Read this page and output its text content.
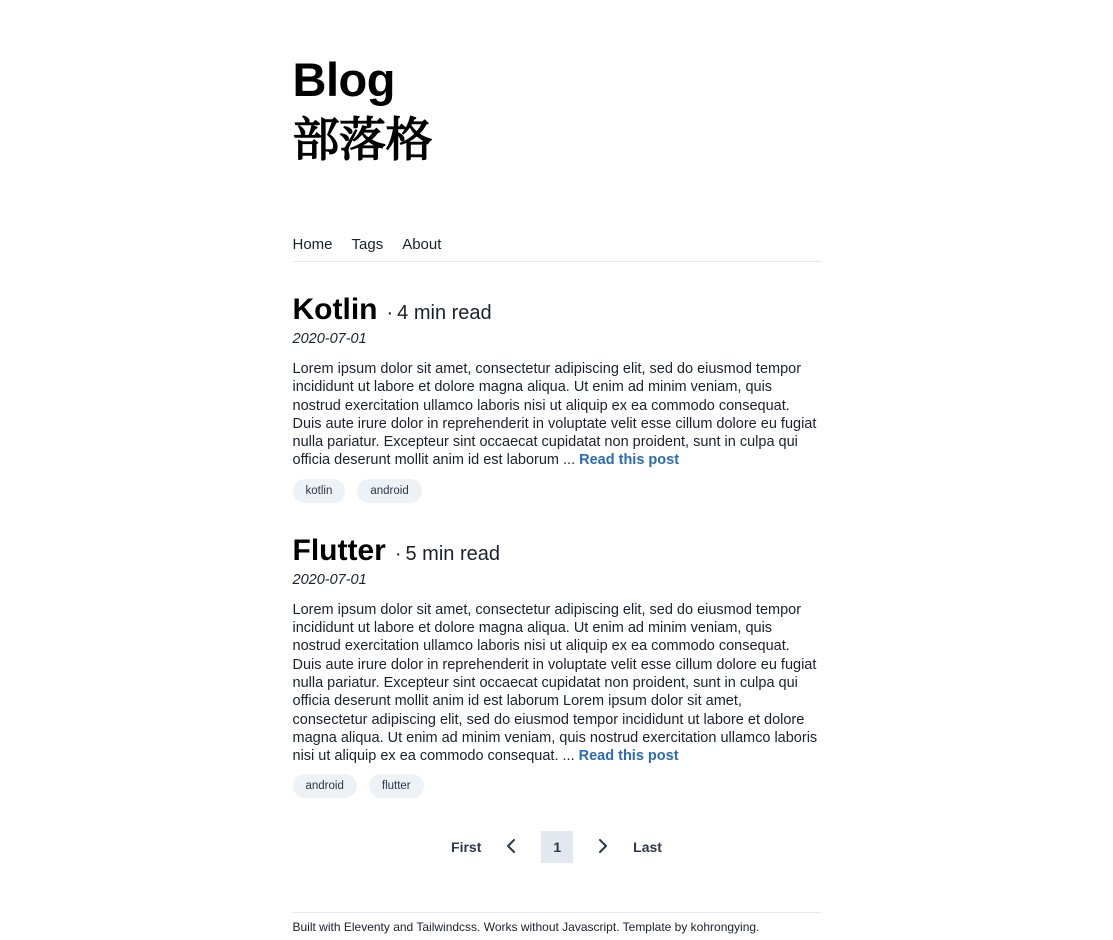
Blog
部落格
Home Tags About
Kotlin · 4 min read
2020-07-01

Lorem ipsum dolor sit amet, consectetur adipiscing elit, sed do eiusmod tempor incididunt ut labore et dolore magna aliqua. Ut enim ad minim veniam, quis nostrud exercitation ullamco laboris nisi ut aliquip ex ea commodo consequat. Duis aute irure dolor in reprehenderit in voluptate velit esse cillum dolore eu fugiat nulla pariatur. Excepteur sint occaecat cupidatat non proident, sunt in culpa qui officia deserunt mollit anim id est laborum ... Read this post

kotlin	android
Flutter · 5 min read
2020-07-01

Lorem ipsum dolor sit amet, consectetur adipiscing elit, sed do eiusmod tempor incididunt ut labore et dolore magna aliqua. Ut enim ad minim veniam, quis nostrud exercitation ullamco laboris nisi ut aliquip ex ea commodo consequat. Duis aute irure dolor in reprehenderit in voluptate velit esse cillum dolore eu fugiat nulla pariatur. Excepteur sint occaecat cupidatat non proident, sunt in culpa qui officia deserunt mollit anim id est laborum Lorem ipsum dolor sit amet, consectetur adipiscing elit, sed do eiusmod tempor incididunt ut labore et dolore magna aliqua. Ut enim ad minim veniam, quis nostrud exercitation ullamco laboris nisi ut aliquip ex ea commodo consequat. ... Read this post

android	flutter
First	1	Last
Built with Eleventy and Tailwindcss. Works without Javascript. Template by kohrongying.
